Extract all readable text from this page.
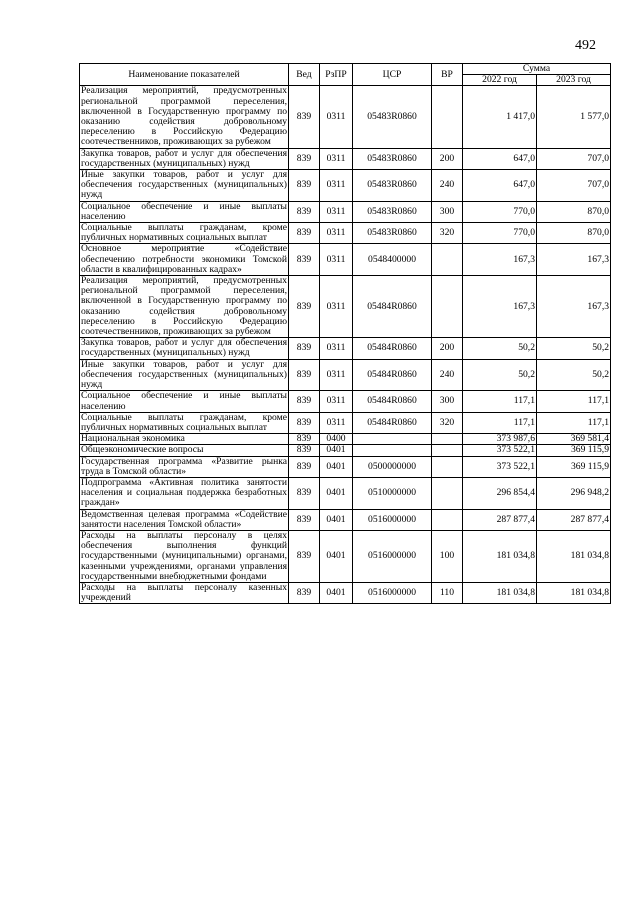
492
Наименование показателей	Вед	РзПР	ЦСР	ВР	Сумма	
					2022 год	2023 год
Реализация мероприятий, предусмотренных региональной программой переселения, включенной в Государственную программу по оказанию содействия добровольному переселению в Российскую Федерацию соотечественников, проживающих за рубежом	839	0311	05483R0860		1 417,0	1 577,0
Закупка товаров, работ и услуг для обеспечения государственных (муниципальных) нужд	839	0311	05483R0860	200	647,0	707,0
Иные закупки товаров, работ и услуг для обеспечения государственных (муниципальных) нужд	839	0311	05483R0860	240	647,0	707,0
Социальное обеспечение и иные выплаты населению	839	0311	05483R0860	300	770,0	870,0
Социальные выплаты гражданам, кроме публичных нормативных социальных выплат	839	0311	05483R0860	320	770,0	870,0
Основное мероприятие «Содействие обеспечению потребности экономики Томской области в квалифицированных кадрах»	839	0311	0548400000		167,3	167,3
Реализация мероприятий, предусмотренных региональной программой переселения, включенной в Государственную программу по оказанию содействия добровольному переселению в Российскую Федерацию соотечественников, проживающих за рубежом	839	0311	05484R0860		167,3	167,3
Закупка товаров, работ и услуг для обеспечения государственных (муниципальных) нужд	839	0311	05484R0860	200	50,2	50,2
Иные закупки товаров, работ и услуг для обеспечения государственных (муниципальных) нужд	839	0311	05484R0860	240	50,2	50,2
Социальное обеспечение и иные выплаты населению	839	0311	05484R0860	300	117,1	117,1
Социальные выплаты гражданам, кроме публичных нормативных социальных выплат	839	0311	05484R0860	320	117,1	117,1
Национальная экономика	839	0400			373 987,6	369 581,4
Общеэкономические вопросы	839	0401			373 522,1	369 115,9
Государственная программа «Развитие рынка труда в Томской области»	839	0401	0500000000		373 522,1	369 115,9
Подпрограмма «Активная политика занятости населения и социальная поддержка безработных граждан»	839	0401	0510000000		296 854,4	296 948,2
Ведомственная целевая программа «Содействие занятости населения Томской области»	839	0401	0516000000		287 877,4	287 877,4
Расходы на выплаты персоналу в целях обеспечения выполнения функций государственными (муниципальными) органами, казенными учреждениями, органами управления государственными внебюджетными фондами	839	0401	0516000000	100	181 034,8	181 034,8
Расходы на выплаты персоналу казенных учреждений	839	0401	0516000000	110	181 034,8	181 034,8
